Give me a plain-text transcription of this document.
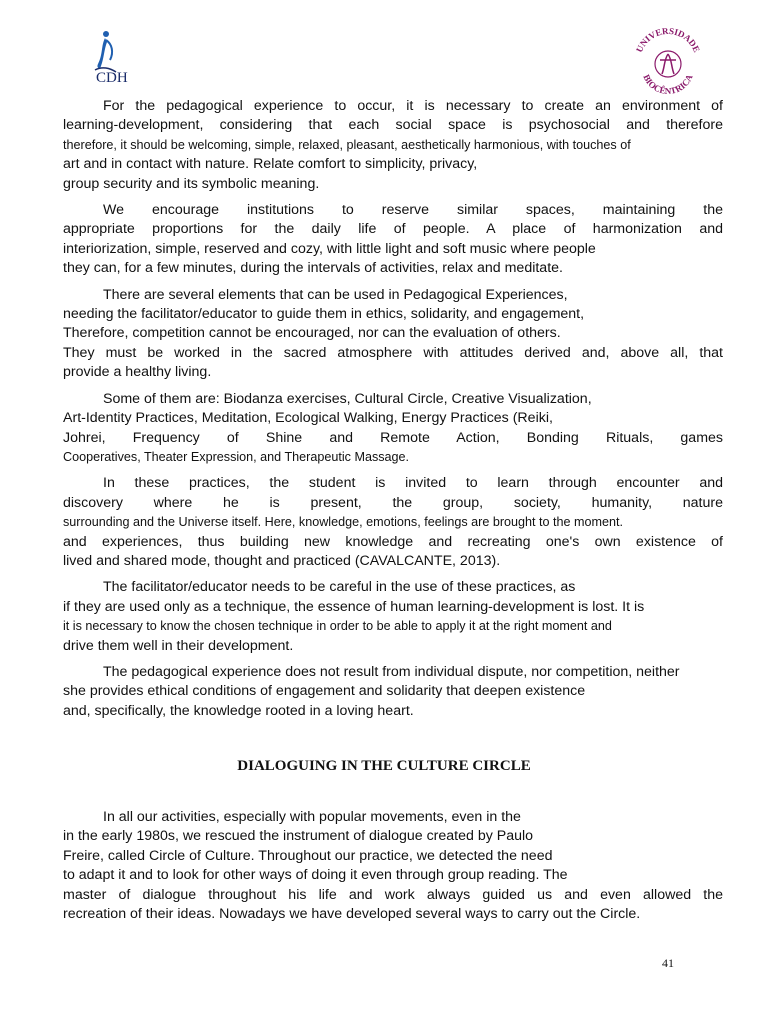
CDH
UNIVERSIDADE
BIOCÊNTRICA
For the pedagogical experience to occur, it is necessary to create an environment of
learning-development, considering that each social space is psychosocial and therefore
therefore, it should be welcoming, simple, relaxed, pleasant, aesthetically harmonious, with touches of
art and in contact with nature. Relate comfort to simplicity, privacy,
group security and its symbolic meaning.
We encourage institutions to reserve similar spaces, maintaining the
appropriate proportions for the daily life of people. A place of harmonization and
interiorization, simple, reserved and cozy, with little light and soft music where people
they can, for a few minutes, during the intervals of activities, relax and meditate.
There are several elements that can be used in Pedagogical Experiences,
needing the facilitator/educator to guide them in ethics, solidarity, and engagement,
Therefore, competition cannot be encouraged, nor can the evaluation of others.
They must be worked in the sacred atmosphere with attitudes derived and, above all, that
provide a healthy living.
Some of them are: Biodanza exercises, Cultural Circle, Creative Visualization,
Art-Identity Practices, Meditation, Ecological Walking, Energy Practices (Reiki,
Johrei, Frequency of Shine and Remote Action, Bonding Rituals, games
Cooperatives, Theater Expression, and Therapeutic Massage.
In these practices, the student is invited to learn through encounter and
discovery where he is present, the group, society, humanity, nature
surrounding and the Universe itself. Here, knowledge, emotions, feelings are brought to the moment.
and experiences, thus building new knowledge and recreating one's own existence of
lived and shared mode, thought and practiced (CAVALCANTE, 2013).
The facilitator/educator needs to be careful in the use of these practices, as
if they are used only as a technique, the essence of human learning-development is lost. It is
it is necessary to know the chosen technique in order to be able to apply it at the right moment and
drive them well in their development.
The pedagogical experience does not result from individual dispute, nor competition, neither
she provides ethical conditions of engagement and solidarity that deepen existence
and, specifically, the knowledge rooted in a loving heart.
DIALOGUING IN THE CULTURE CIRCLE
In all our activities, especially with popular movements, even in the
in the early 1980s, we rescued the instrument of dialogue created by Paulo
Freire, called Circle of Culture. Throughout our practice, we detected the need
to adapt it and to look for other ways of doing it even through group reading. The
master of dialogue throughout his life and work always guided us and even allowed the
recreation of their ideas. Nowadays we have developed several ways to carry out the Circle.
41
